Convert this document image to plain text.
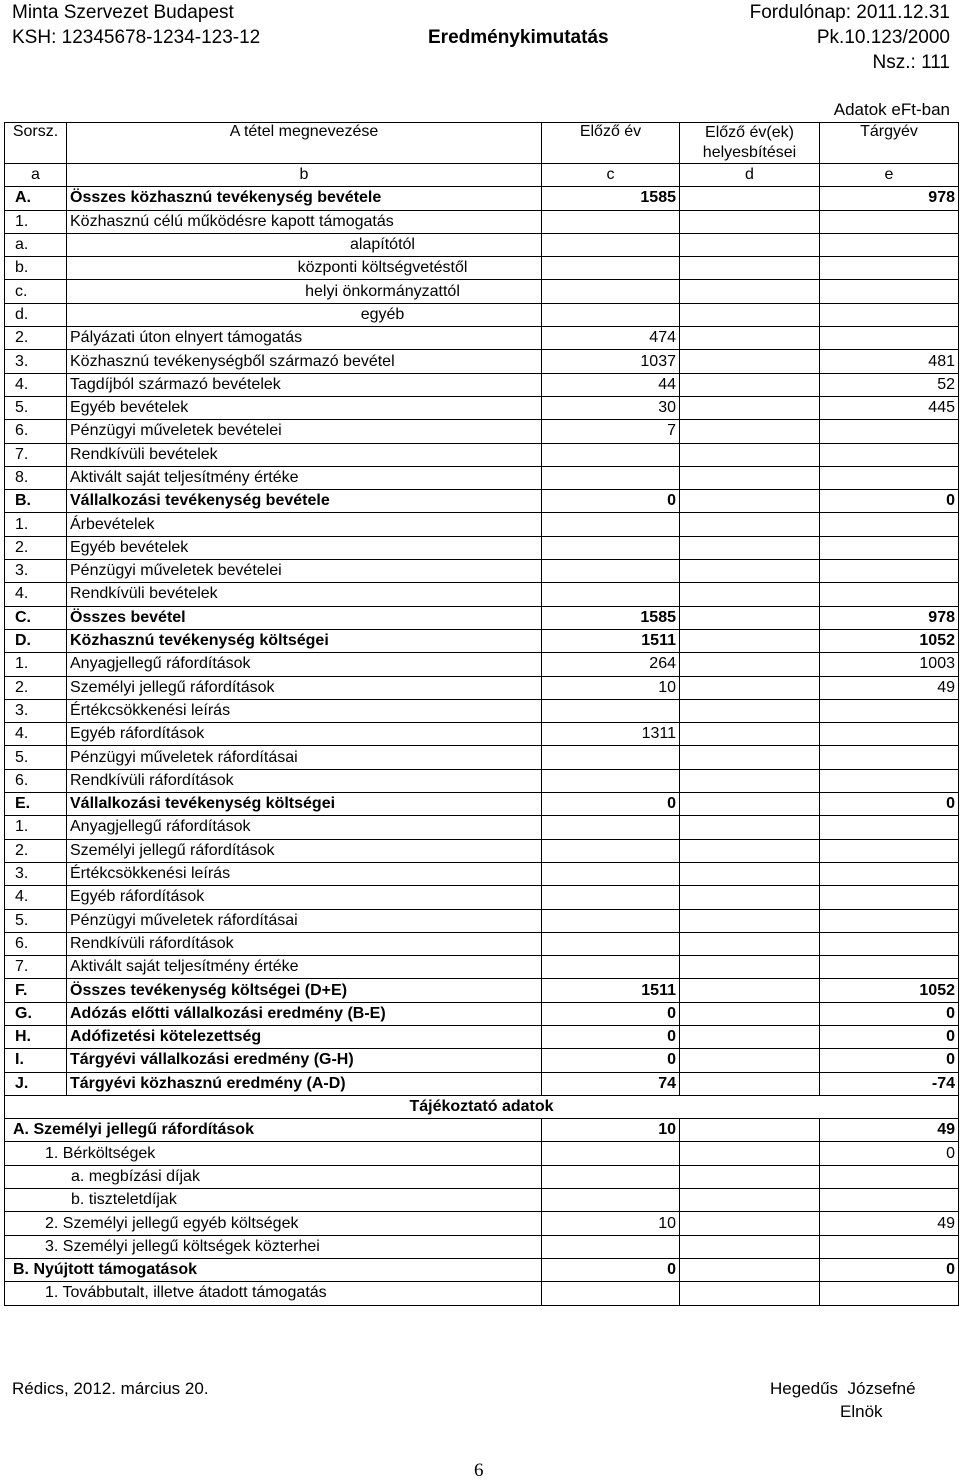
Minta Szervezet Budapest
KSH: 12345678-1234-123-12	Eredménykimutatás
Fordulónap: 2011.12.31
Pk.10.123/2000
Nsz.: 111
Adatok eFt-ban
Sorsz.	A tétel megnevezése	Előző év	Előző év(ek) helyesbítései	Tárgyév
a	b	c	d	e
A.	Összes közhasznú tevékenység bevétele	1585		978
1.	Közhasznú célú működésre kapott támogatás			
a.	alapítótól			
b.	központi költségvetéstől			
c.	helyi önkormányzattól			
d.	egyéb			
2.	Pályázati úton elnyert támogatás	474		
3.	Közhasznú tevékenységből származó bevétel	1037		481
4.	Tagdíjból származó bevételek	44		52
5.	Egyéb bevételek	30		445
6.	Pénzügyi műveletek bevételei	7		
7.	Rendkívüli bevételek			
8.	Aktivált saját teljesítmény értéke			
B.	Vállalkozási tevékenység bevétele	0		0
1.	Árbevételek			
2.	Egyéb bevételek			
3.	Pénzügyi műveletek bevételei			
4.	Rendkívüli bevételek			
C.	Összes bevétel	1585		978
D.	Közhasznú tevékenység költségei	1511		1052
1.	Anyagjellegű ráfordítások	264		1003
2.	Személyi jellegű ráfordítások	10		49
3.	Értékcsökkenési leírás			
4.	Egyéb ráfordítások	1311		
5.	Pénzügyi műveletek ráfordításai			
6.	Rendkívüli ráfordítások			
E.	Vállalkozási tevékenység költségei	0		0
1.	Anyagjellegű ráfordítások			
2.	Személyi jellegű ráfordítások			
3.	Értékcsökkenési leírás			
4.	Egyéb ráfordítások			
5.	Pénzügyi műveletek ráfordításai			
6.	Rendkívüli ráfordítások			
7.	Aktivált saját teljesítmény értéke			
F.	Összes tevékenység költségei (D+E)	1511		1052
G.	Adózás előtti vállalkozási eredmény (B-E)	0		0
H.	Adófizetési kötelezettség	0		0
I.	Tárgyévi vállalkozási eredmény (G-H)	0		0
J.	Tárgyévi közhasznú eredmény (A-D)	74		-74
Tájékoztató adatok				
A. Személyi jellegű ráfordítások		10		49
1. Bérköltségek				0
a. megbízási díjak				
b. tiszteletdíjak				
2. Személyi jellegű egyéb költségek		10		49
3. Személyi jellegű költségek közterhei				
B. Nyújtott támogatások		0		0
1. Továbbutalt, illetve átadott támogatás				
Rédics, 2012. március 20.	Hegedűs  Józsefné
Elnök
6
